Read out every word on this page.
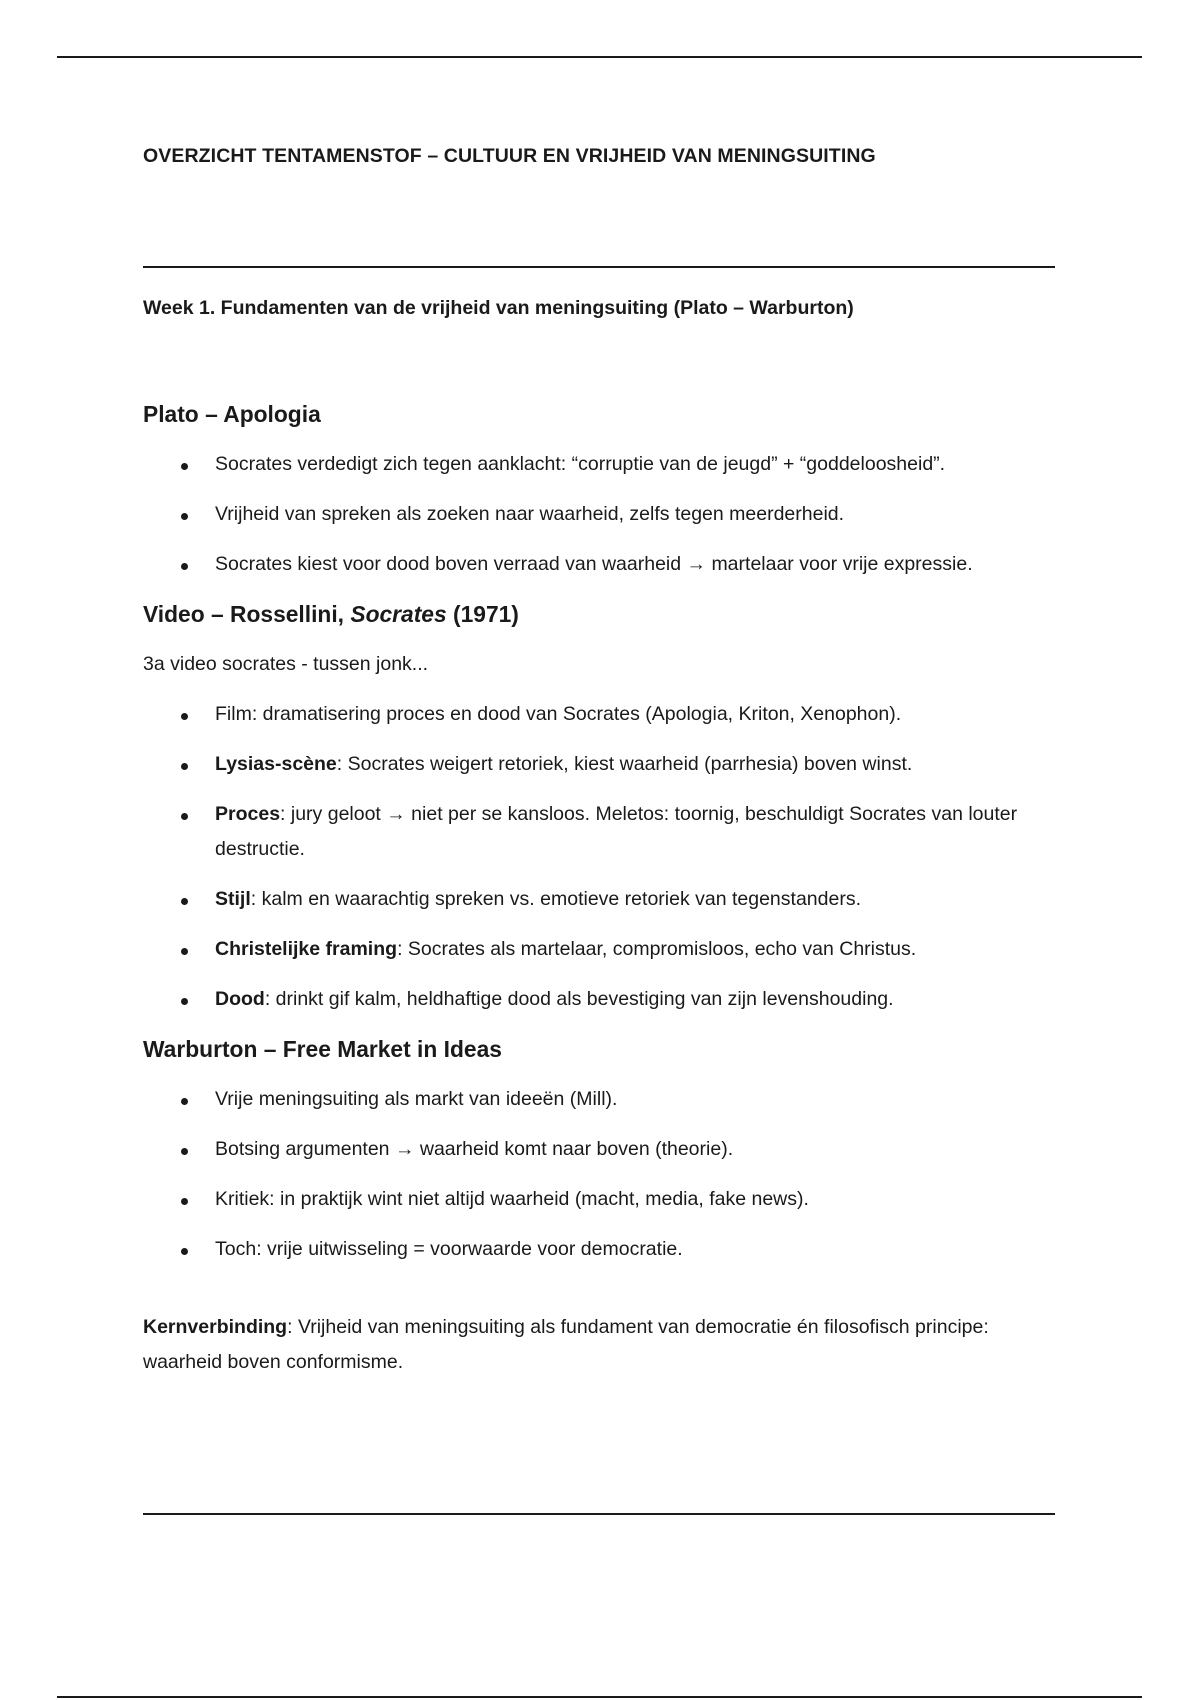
OVERZICHT TENTAMENSTOF – CULTUUR EN VRIJHEID VAN MENINGSUITING
Week 1. Fundamenten van de vrijheid van meningsuiting (Plato – Warburton)
Plato – Apologia
Socrates verdedigt zich tegen aanklacht: “corruptie van de jeugd” + “goddeloosheid”.
Vrijheid van spreken als zoeken naar waarheid, zelfs tegen meerderheid.
Socrates kiest voor dood boven verraad van waarheid → martelaar voor vrije expressie.
Video – Rossellini, Socrates (1971)

3a video socrates - tussen jonk...

Film: dramatisering proces en dood van Socrates (Apologia, Kriton, Xenophon).
Lysias-scène: Socrates weigert retoriek, kiest waarheid (parrhesia) boven winst.
Proces: jury geloot → niet per se kansloos. Meletos: toornig, beschuldigt Socrates van louter destructie.
Stijl: kalm en waarachtig spreken vs. emotieve retoriek van tegenstanders.
Christelijke framing: Socrates als martelaar, compromisloos, echo van Christus.
Dood: drinkt gif kalm, heldhaftige dood als bevestiging van zijn levenshouding.
Warburton – Free Market in Ideas
Vrije meningsuiting als markt van ideeën (Mill).
Botsing argumenten → waarheid komt naar boven (theorie).
Kritiek: in praktijk wint niet altijd waarheid (macht, media, fake news).
Toch: vrije uitwisseling = voorwaarde voor democratie.

Kernverbinding: Vrijheid van meningsuiting als fundament van democratie én filosofisch principe: waarheid boven conformisme.
